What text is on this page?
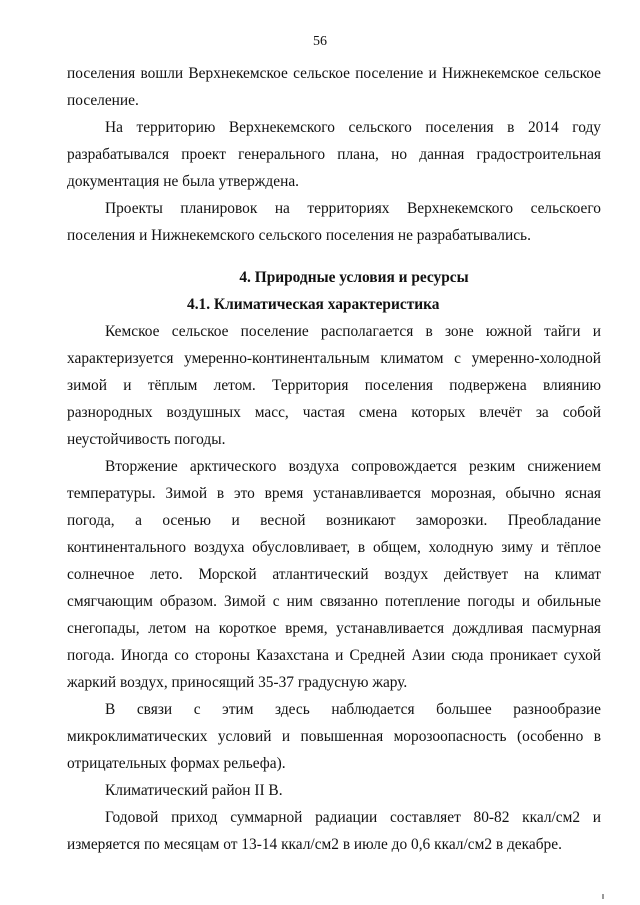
56

поселения вошли Верхнекемское сельское поселение и Нижнекемское сельское поселение.

На территорию Верхнекемского сельского поселения в 2014 году разрабатывался проект генерального плана, но данная градостроительная документация не была утверждена.

Проекты планировок на территориях Верхнекемского сельскоего поселения и Нижнекемского сельского поселения не разрабатывались.

4. Природные условия и ресурсы
4.1. Климатическая характеристика

Кемское сельское поселение располагается в зоне южной тайги и характеризуется умеренно-континентальным климатом с умеренно-холодной зимой и тёплым летом. Территория поселения подвержена влиянию разнородных воздушных масс, частая смена которых влечёт за собой неустойчивость погоды.

Вторжение арктического воздуха сопровождается резким снижением температуры. Зимой в это время устанавливается морозная, обычно ясная погода, а осенью и весной возникают заморозки. Преобладание континентального воздуха обусловливает, в общем, холодную зиму и тёплое солнечное лето. Морской атлантический воздух действует на климат смягчающим образом. Зимой с ним связанно потепление погоды и обильные снегопады, летом на короткое время, устанавливается дождливая пасмурная погода. Иногда со стороны Казахстана и Средней Азии сюда проникает сухой жаркий воздух, приносящий 35-37 градусную жару.

В связи с этим здесь наблюдается большее разнообразие микроклиматических условий и повышенная морозоопасность (особенно в отрицательных формах рельефа).

Климатический район II В.

Годовой приход суммарной радиации составляет 80-82 ккал/см2 и измеряется по месяцам от 13-14 ккал/см2 в июле до 0,6 ккал/см2 в декабре.
